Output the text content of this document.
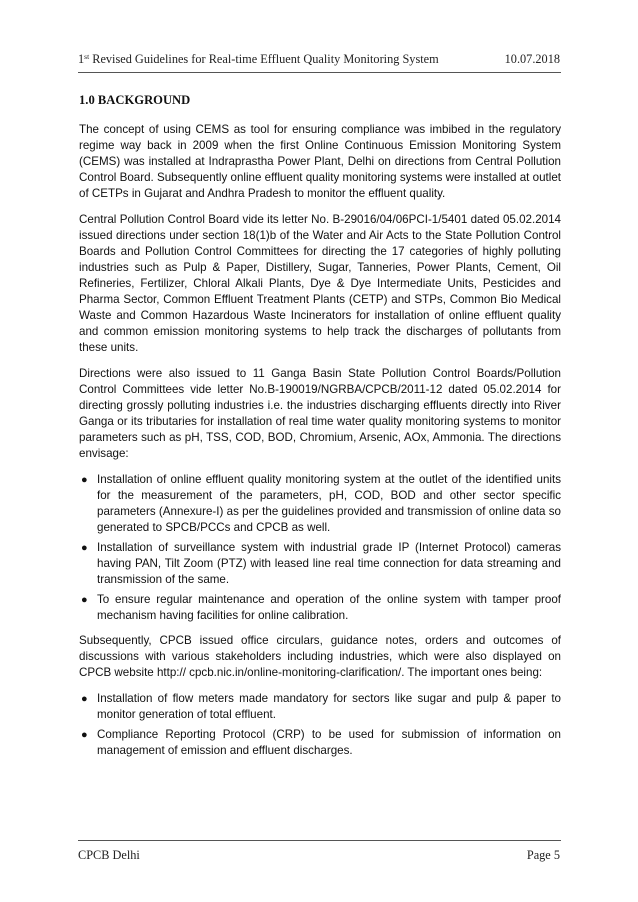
1st Revised Guidelines for Real-time Effluent Quality Monitoring System	10.07.2018
1.0 BACKGROUND

The concept of using CEMS as tool for ensuring compliance was imbibed in the regulatory regime way back in 2009 when the first Online Continuous Emission Monitoring System (CEMS) was installed at Indraprastha Power Plant, Delhi on directions from Central Pollution Control Board. Subsequently online effluent quality monitoring systems were installed at outlet of CETPs in Gujarat and Andhra Pradesh to monitor the effluent quality.

Central Pollution Control Board vide its letter No. B-29016/04/06PCI-1/5401 dated 05.02.2014 issued directions under section 18(1)b of the Water and Air Acts to the State Pollution Control Boards and Pollution Control Committees for directing the 17 categories of highly polluting industries such as Pulp & Paper, Distillery, Sugar, Tanneries, Power Plants, Cement, Oil Refineries, Fertilizer, Chloral Alkali Plants, Dye & Dye Intermediate Units, Pesticides and Pharma Sector, Common Effluent Treatment Plants (CETP) and STPs, Common Bio Medical Waste and Common Hazardous Waste Incinerators for installation of online effluent quality and common emission monitoring systems to help track the discharges of pollutants from these units.

Directions were also issued to 11 Ganga Basin State Pollution Control Boards/Pollution Control Committees vide letter No.B-190019/NGRBA/CPCB/2011-12 dated 05.02.2014 for directing grossly polluting industries i.e. the industries discharging effluents directly into River Ganga or its tributaries for installation of real time water quality monitoring systems to monitor parameters such as pH, TSS, COD, BOD, Chromium, Arsenic, AOx, Ammonia. The directions envisage:

● Installation of online effluent quality monitoring system at the outlet of the identified units for the measurement of the parameters, pH, COD, BOD and other sector specific parameters (Annexure-I) as per the guidelines provided and transmission of online data so generated to SPCB/PCCs and CPCB as well.
● Installation of surveillance system with industrial grade IP (Internet Protocol) cameras having PAN, Tilt Zoom (PTZ) with leased line real time connection for data streaming and transmission of the same.
● To ensure regular maintenance and operation of the online system with tamper proof mechanism having facilities for online calibration.

Subsequently, CPCB issued office circulars, guidance notes, orders and outcomes of discussions with various stakeholders including industries, which were also displayed on CPCB website http:// cpcb.nic.in/online-monitoring-clarification/. The important ones being:

● Installation of flow meters made mandatory for sectors like sugar and pulp & paper to monitor generation of total effluent.
● Compliance Reporting Protocol (CRP) to be used for submission of information on management of emission and effluent discharges.
CPCB Delhi	Page 5
